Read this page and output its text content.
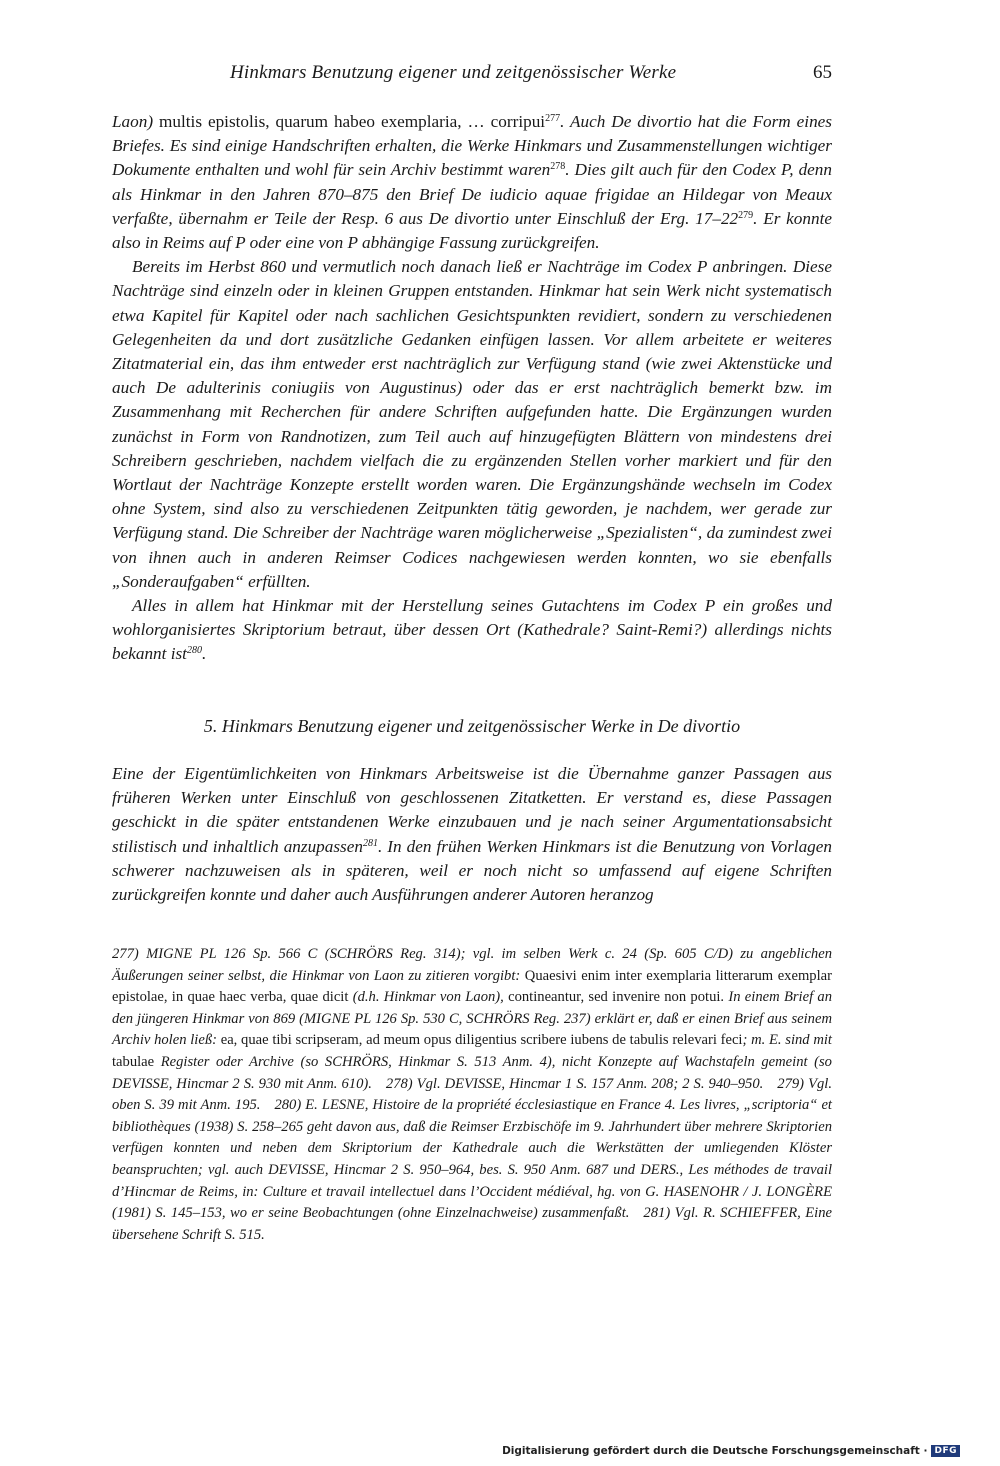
Hinkmars Benutzung eigener und zeitgenössischer Werke	65

Laon) multis epistolis, quarum habeo exemplaria, … corripui$^{277}$. Auch De divortio hat die Form eines Briefes. Es sind einige Handschriften erhalten, die Werke Hinkmars und Zusammenstellungen wichtiger Dokumente enthalten und wohl für sein Archiv bestimmt waren$^{278}$. Dies gilt auch für den Codex P, denn als Hinkmar in den Jahren 870–875 den Brief De iudicio aquae frigidae an Hildegar von Meaux verfaßte, übernahm er Teile der Resp. 6 aus De divortio unter Einschluß der Erg. $17-22^{279}$. Er konnte also in Reims auf P oder eine von P abhängige Fassung zurückgreifen.

Bereits im Herbst 860 und vermutlich noch danach ließ er Nachträge im Codex P anbringen. Diese Nachträge sind einzeln oder in kleinen Gruppen entstanden. Hinkmar hat sein Werk nicht systematisch etwa Kapitel für Kapitel oder nach sachlichen Gesichtspunkten revidiert, sondern zu verschiedenen Gelegenheiten da und dort zusätzliche Gedanken einfügen lassen. Vor allem arbeitete er weiteres Zitatmaterial ein, das ihm entweder erst nachträglich zur Verfügung stand (wie zwei Aktenstücke und auch De adulterinis coniugiis von Augustinus) oder das er erst nachträglich bemerkt bzw. im Zusammenhang mit Recherchen für andere Schriften aufgefunden hatte. Die Ergänzungen wurden zunächst in Form von Randnotizen, zum Teil auch auf hinzugefügten Blättern von mindestens drei Schreibern geschrieben, nachdem vielfach die zu ergänzenden Stellen vorher markiert und für den Wortlaut der Nachträge Konzepte erstellt worden waren. Die Ergänzungshände wechseln im Codex ohne System, sind also zu verschiedenen Zeitpunkten tätig geworden, je nachdem, wer gerade zur Verfügung stand. Die Schreiber der Nachträge waren möglicherweise „Spezialisten“, da zumindest zwei von ihnen auch in anderen Reimser Codices nachgewiesen werden konnten, wo sie ebenfalls „Sonderaufgaben“ erfüllten.

Alles in allem hat Hinkmar mit der Herstellung seines Gutachtens im Codex P ein großes und wohlorganisiertes Skriptorium betraut, über dessen Ort (Kathedrale? Saint-Remi?) allerdings nichts bekannt ist$^{280}$.

5. Hinkmars Benutzung eigener und zeitgenössischer Werke in De divortio

Eine der Eigentümlichkeiten von Hinkmars Arbeitsweise ist die Übernahme ganzer Passagen aus früheren Werken unter Einschluß von geschlossenen Zitatketten. Er verstand es, diese Passagen geschickt in die später entstandenen Werke einzubauen und je nach seiner Argumentationsabsicht stilistisch und inhaltlich anzupassen$^{281}$. In den frühen Werken Hinkmars ist die Benutzung von Vorlagen schwerer nachzuweisen als in späteren, weil er noch nicht so umfassend auf eigene Schriften zurückgreifen konnte und daher auch Ausführungen anderer Autoren heranzog

277) MIGNE PL 126 Sp. 566 C (SCHRÖRS Reg. 314); vgl. im selben Werk c. 24 (Sp. 605 C/D) zu angeblichen Äußerungen seiner selbst, die Hinkmar von Laon zu zitieren vorgibt: Quaesivi enim inter exemplaria litterarum exemplar epistolae, in quae haec verba, quae dicit (d.h. Hinkmar von Laon), contineantur, sed invenire non potui. In einem Brief an den jüngeren Hinkmar von 869 (MIGNE PL 126 Sp. 530 C, SCHRÖRS Reg. 237) erklärt er, daß er einen Brief aus seinem Archiv holen ließ: ea, quae tibi scripseram, ad meum opus diligentius scribere iubens de tabulis relevari feci; m. E. sind mit tabulae Register oder Archive (so SCHRÖRS, Hinkmar S. 513 Anm. 4), nicht Konzepte auf Wachstafeln gemeint (so DEVISSE, Hincmar 2 S. 930 mit Anm. 610). 278) Vgl. DEVISSE, Hincmar 1 S. 157 Anm. 208; 2 S. 940–950. 279) Vgl. oben S. 39 mit Anm. 195. 280) E. LESNE, Histoire de la propriété écclesiastique en France 4. Les livres, „scriptoria“ et bibliothèques (1938) S. 258–265 geht davon aus, daß die Reimser Erzbischöfe im 9. Jahrhundert über mehrere Skriptorien verfügen konnten und neben dem Skriptorium der Kathedrale auch die Werkstätten der umliegenden Klöster beanspruchten; vgl. auch DEVISSE, Hincmar 2 S. 950–964, bes. S. 950 Anm. 687 und DERS., Les méthodes de travail d’Hincmar de Reims, in: Culture et travail intellectuel dans l’Occident médiéval, hg. von G. HASENOHR / J. LONGÈRE (1981) S. 145–153, wo er seine Beobachtungen (ohne Einzelnachweise) zusammenfaßt. 281) Vgl. R. SCHIEFFER, Eine übersehene Schrift S. 515.

Digitalisierung gefördert durch die Deutsche Forschungsgemeinschaft · DFG
